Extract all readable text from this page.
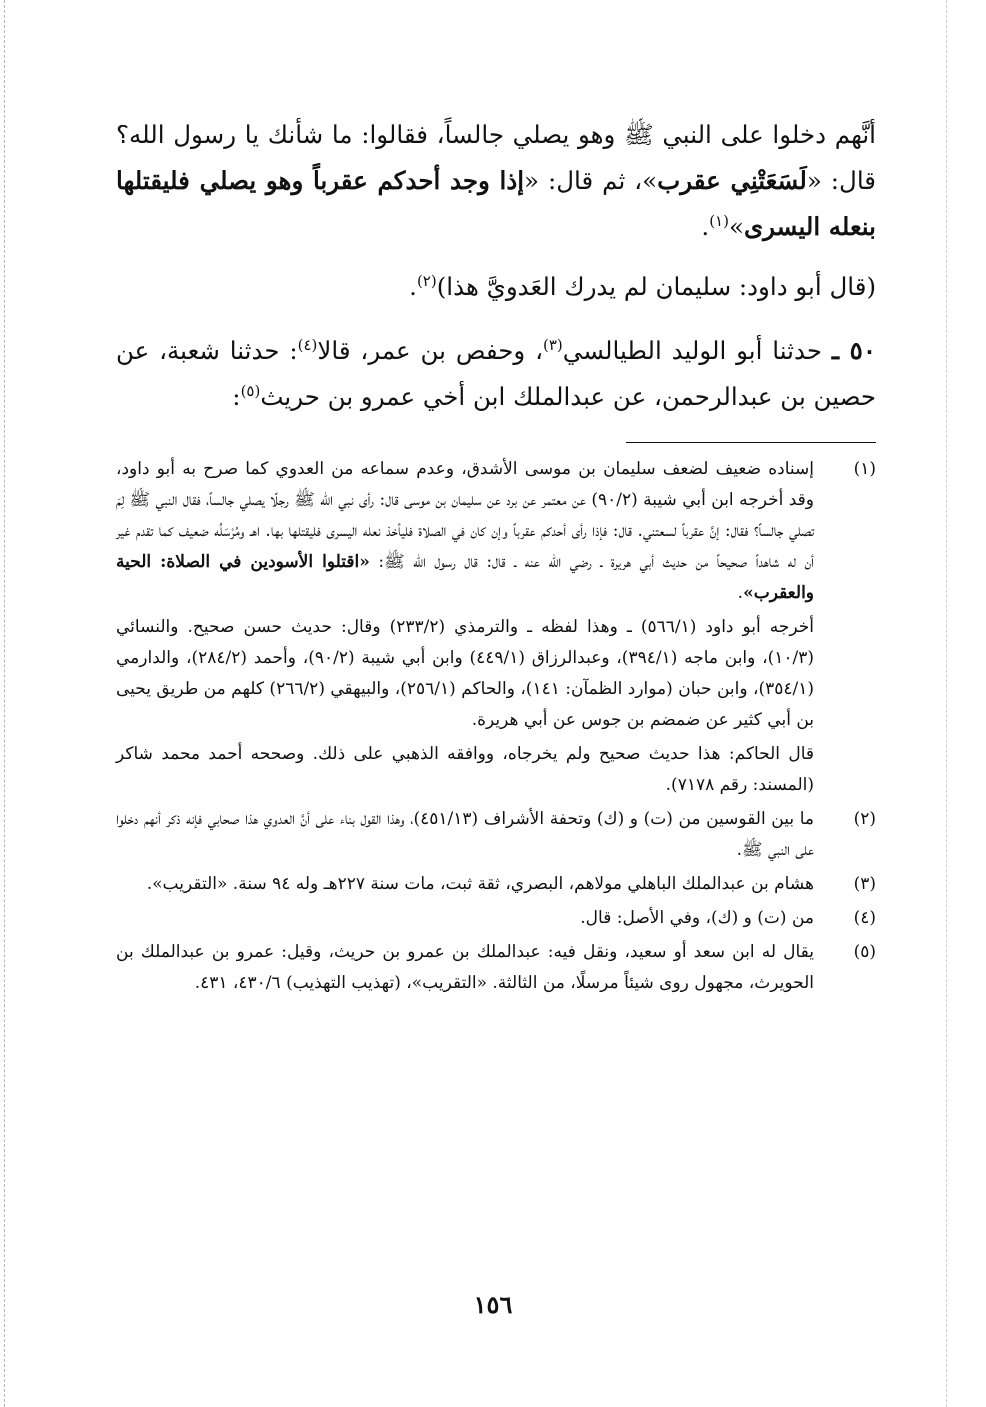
أنَّهم دخلوا على النبي ﷺ وهو يصلي جالساً، فقالوا: ما شأنك يا رسول الله؟ قال: «لَسَعَتْنِي عقرب»، ثم قال: «إذا وجد أحدكم عقرباً وهو يصلي فليقتلها بنعله اليسرى»$^{(١)}$.

(قال أبو داود: سليمان لم يدرك العَدويَّ هذا)$^{(٢)}$.

٥٠ ـ حدثنا أبو الوليد الطيالسي$^{(٣)}$، وحفص بن عمر، قالا$^{(٤)}$: حدثنا شعبة، عن حصين بن عبدالرحمن، عن عبدالملك ابن أخي عمرو بن حريث$^{(٥)}$:

(١)

إسناده ضعيف لضعف سليمان بن موسى الأشدق، وعدم سماعه من العدوي كما صرح به أبو داود، وقد أخرجه ابن أبي شيبة (٩٠/٢) عن معتمر عن برد عن سليمان بن موسى قال: رأى نبي الله ﷺ رجلًا يصلي جالساً، فقال النبي ﷺ لِمَ تصلي جالساً؟ فقال: إنَّ عقرباً لسعتني. قال: فإذا رأى أحدكم عقرباً وإن كان في الصلاة فليأخذ نعله اليسرى فليقتلها بها. اهـ ومُرْسَلُه ضعيف كما تقدم غير أن له شاهداً صحيحاً من حديث أبي هريرة ـ رضي الله عنه ـ قال: قال رسول الله ﷺ: «اقتلوا الأسودين في الصلاة: الحية والعقرب».

أخرجه أبو داود (٥٦٦/١) ـ وهذا لفظه ـ والترمذي (٢٣٣/٢) وقال: حديث حسن صحيح. والنسائي (١٠/٣)، وابن ماجه (٣٩٤/١)، وعبدالرزاق (٤٤٩/١) وابن أبي شيبة (٩٠/٢)، وأحمد (٢٨٤/٢)، والدارمي (٣٥٤/١)، وابن حبان (موارد الظمآن: ١٤١)، والحاكم (٢٥٦/١)، والبيهقي (٢٦٦/٢) كلهم من طريق يحيى بن أبي كثير عن ضمضم بن جوس عن أبي هريرة.

قال الحاكم: هذا حديث صحيح ولم يخرجاه، ووافقه الذهبي على ذلك. وصححه أحمد محمد شاكر (المسند: رقم ٧١٧٨).

(٢)

ما بين القوسين من (ت) و (ك) وتحفة الأشراف (٤٥١/١٣)، وهذا القول بناء على أنَّ العدوي هذا صحابي فإنه ذكر أنهم دخلوا على النبي ﷺ.

(٣)

هشام بن عبدالملك الباهلي مولاهم، البصري، ثقة ثبت، مات سنة ٢٢٧هـ وله ٩٤ سنة. «التقريب».

(٤)

من (ت) و (ك)، وفي الأصل: قال.

(٥)

يقال له ابن سعد أو سعيد، ونقل فيه: عبدالملك بن عمرو بن حريث، وقيل: عمرو بن عبدالملك بن الحويرث، مجهول روى شيئاً مرسلًا، من الثالثة. «التقريب»، (تهذيب التهذيب) ٤٣٠/٦، ٤٣١.

١٥٦
